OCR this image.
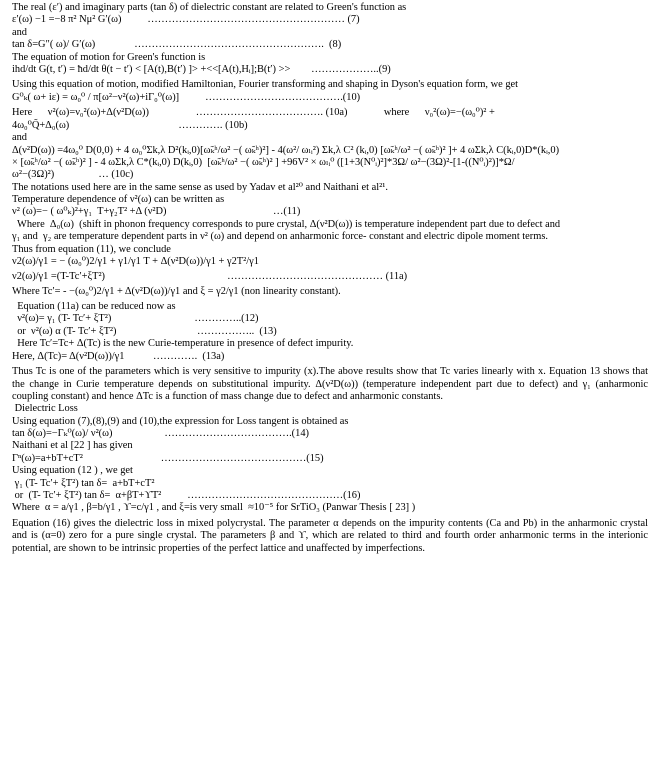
The real (ε′) and imaginary parts (tan δ) of dielectric constant are related to Green's function as
ε′(ω) −1 =−8 π² Nμ² G′(ω)          ………………………………………………… (7)
and
tan δ=G″( ω)/ G′(ω)               ……………………………………………….  (8)
The equation of motion for Green's function is
ihd/dt G(t, t′) = ħd/dt θ(t − t′) < [A(t),B(t′) ]> +<<[A(t),Hᵢ];B(t′) >>        ………………..(9)
Using this equation of motion, modified Hamiltonian, Fourier transforming and shaping in Dyson's equation form, we get
G⁰ₖ( ω+ iε) = ω₀⁰ / π[ω²−ν²(ω)+iΓ₀⁰(ω)]          ………………………………….(10)
Here      ν²(ω)=ν₀²(ω)+Δ(ν²D(ω))                  ………………………………. (10a)              where      ν₀²(ω)=−(ω₀⁰)² +
4ω₀⁰Q̃+Δ₀(ω)                                          …………. (10b)
and
Δ(ν²D(ω)) =4ω₀⁰ D(0,0) + 4 ω₀⁰Σk,λ D²(kᵢ,0)[ω̃ₖʰ/ω² −( ω̃ₖʰ)²] - 4(ω²/ ωₗᵢ²) Σk,λ C² (kᵢ,0) [ω̃ₖʰ/ω² −( ω̃ₖʰ)² ]+ 4 ωΣk,λ C(kᵢ,0)D*(kᵢ,0)
× [ω̃ₖʰ/ω² −( ω̃ₖʰ)² ] - 4 ωΣk,λ C*(kᵢ,0) D(kᵢ,0)  [ω̃ₖʰ/ω² −( ω̃ₖʰ)² ] +96V² × ωₗᵢ⁰ ([1+3(N⁰ᵢ)²]*3Ω/ ω²−(3Ω)²-[1-((N⁰ᵢ)²)]*Ω/
ω²−(3Ω)²)                 … (10c)
The notations used here are in the same sense as used by Yadav et al²⁰ and Naithani et al²¹.
Temperature dependence of ν²(ω) can be written as
ν² (ω)=− ( ω⁰ₖ)²+γ₁  T+γ₂T² +Δ (ν²D)                                         …(11)
Where  Δ₀(ω)  (shift in phonon frequency corresponds to pure crystal, Δ(ν²D(ω)) is temperature independent part due to defect and
γ₁ and  γ₂ are temperature dependent parts in ν² (ω) and depend on anharmonic force- constant and electric dipole moment terms.
Thus from equation (11), we conclude
ν2(ω)/γ1 = − (ω₀⁰)2/γ1 + γ1/γ1 T + Δ(ν²D(ω))/γ1 + γ2T²/γ1
ν2(ω)/γ1 =(T-Tc′+ξT²)                                               ……………………………………… (11a)
Where Tc′= - −(ω₀⁰)2/γ1 + Δ(ν²D(ω))/γ1 and ξ = γ2/γ1 (non linearity constant).
Equation (11a) can be reduced now as
ν²(ω)= γ₁ (T- Tc′+ ξT²)                                …………..(12)
or  ν²(ω) α (T- Tc′+ ξT²)                               ……………..  (13)
Here Tc′=Tc+ Δ(Tc) is the new Curie-temperature in presence of defect impurity.
Here, Δ(Tc)= Δ(ν²D(ω))/γ1           ………….  (13a)
Thus Tc is one of the parameters which is very sensitive to impurity (x).The above results show that Tc varies linearly with x. Equation 13 shows that the change in Curie temperature depends on substitutional impurity. Δ(ν²D(ω)) (temperature independent part due to defect) and γ₁ (anharmonic coupling constant) and hence ΔTc is a function of mass change due to defect and anharmonic constants.
Dielectric Loss
Using equation (7),(8),(9) and (10),the expression for Loss tangent is obtained as
tan δ(ω)=−Γₖ⁰(ω)/ ν²(ω)                    ……………………………….(14)
Naithani et al [22 ] has given
Γⁿ(ω)=a+bT+cT²                              ……………………………………(15)
Using equation (12 ) , we get
γ₁ (T- Tc′+ ξT²) tan δ=  a+bT+cT²
or  (T- Tc′+ ξT²) tan δ=  α+βT+ϒT²          ………………………………………(16)
Where  α = a/γ1 , β=b/γ1 , ϒ=c/γ1 , and ξ=is very small  ≈10⁻⁵ for SrTiO₃ (Panwar Thesis [ 23] )
Equation (16) gives the dielectric loss in mixed polycrystal. The parameter α depends on the impurity contents (Ca and Pb) in the anharmonic crystal and is (α=0) zero for a pure single crystal. The parameters β and ϒ, which are related to third and fourth order anharmonic terms in the interionic potential, are shown to be intrinsic properties of the perfect lattice and unaffected by imperfections.
